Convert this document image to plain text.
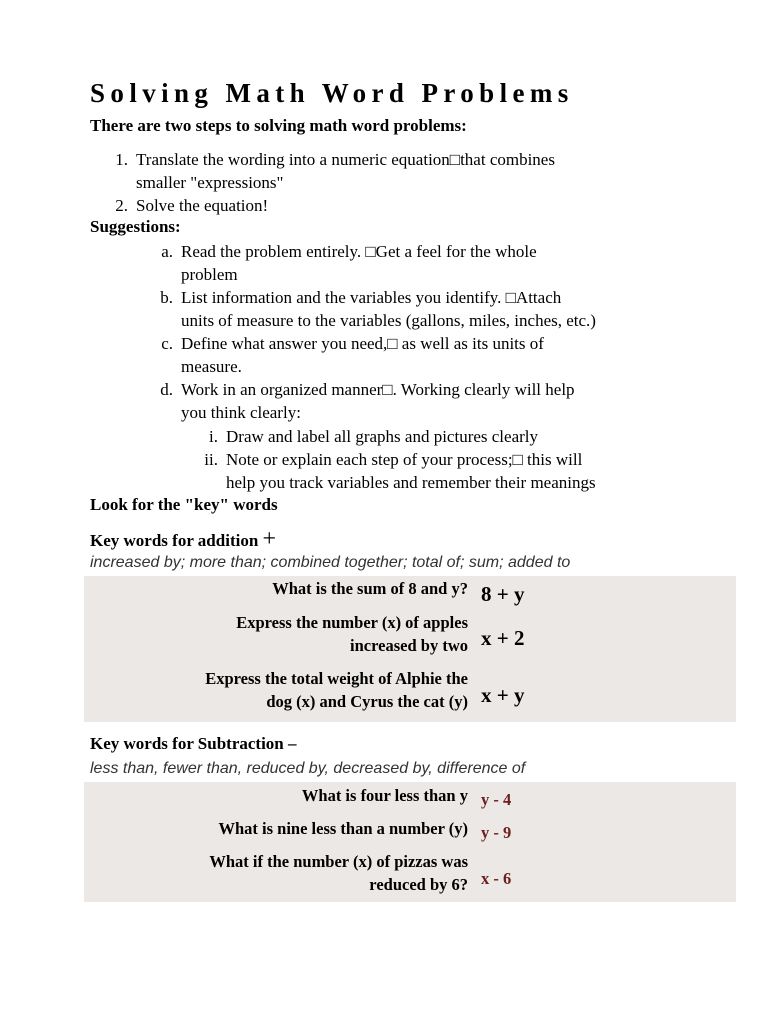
Solving Math Word Problems
There are two steps to solving math word problems:
1. Translate the wording into a numeric equation□that combines
smaller "expressions"
2. Solve the equation!
Suggestions:
a. Read the problem entirely. □Get a feel for the whole
problem
b. List information and the variables you identify. □Attach
units of measure to the variables (gallons, miles, inches, etc.)
c. Define what answer you need,□ as well as its units of
measure.
d. Work in an organized manner□. Working clearly will help
you think clearly:
i. Draw and label all graphs and pictures clearly
ii. Note or explain each step of your process;□ this will
help you track variables and remember their meanings
Look for the "key" words
Key words for addition +
increased by; more than; combined together; total of; sum; added to
What is the sum of 8 and y? 8 + y
Express the number (x) of apples
increased by two x + 2
Express the total weight of Alphie the
dog (x) and Cyrus the cat (y) x + y
Key words for Subtraction –
less than, fewer than, reduced by, decreased by, difference of
What is four less than y y - 4
What is nine less than a number (y) y - 9
What if the number (x) of pizzas was
reduced by 6? x - 6
